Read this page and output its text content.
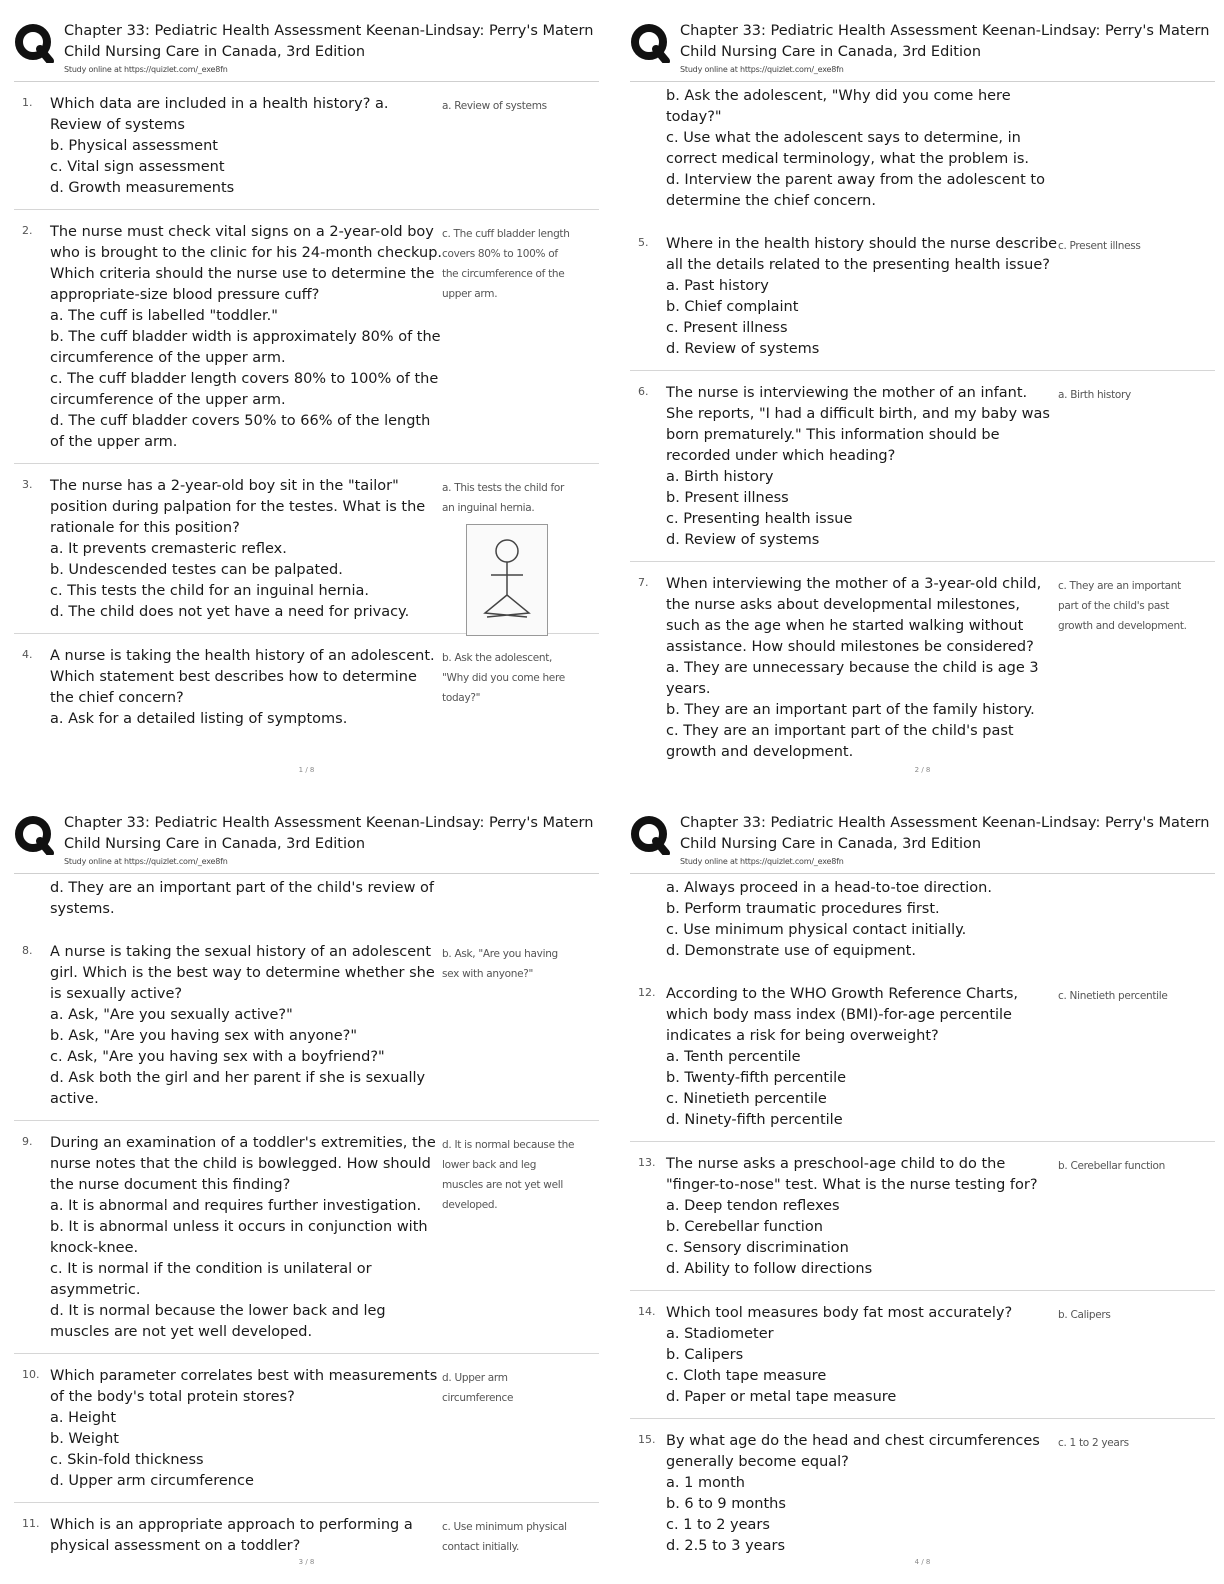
Chapter 33: Pediatric Health Assessment Keenan-Lindsay: Perry's Matern
Child Nursing Care in Canada, 3rd Edition
Study online at https://quizlet.com/_exe8fn
1.	Which data are included in a health history? a. Review of systems
b. Physical assessment
c. Vital sign assessment
d. Growth measurements
a. Review of systems
2.	The nurse must check vital signs on a 2-year-old boy who is brought to the clinic for his 24-month checkup. Which criteria should the nurse use to determine the appropriate-size blood pressure cuff?
a. The cuff is labelled "toddler."
b. The cuff bladder width is approximately 80% of the circumference of the upper arm.
c. The cuff bladder length covers 80% to 100% of the circumference of the upper arm.
d. The cuff bladder covers 50% to 66% of the length of the upper arm.
c. The cuff bladder length covers 80% to 100% of the circumference of the upper arm.
3.	The nurse has a 2-year-old boy sit in the "tailor" position during palpation for the testes. What is the rationale for this position?
a. It prevents cremasteric reflex.
b. Undescended testes can be palpated.
c. This tests the child for an inguinal hernia.
d. The child does not yet have a need for privacy.
a. This tests the child for an inguinal hernia.
4.	A nurse is taking the health history of an adolescent. Which statement best describes how to determine the chief concern?
a. Ask for a detailed listing of symptoms.
b. Ask the adolescent, "Why did you come here today?"
1 / 8
Chapter 33: Pediatric Health Assessment Keenan-Lindsay: Perry's Matern
Child Nursing Care in Canada, 3rd Edition
Study online at https://quizlet.com/_exe8fn
b. Ask the adolescent, "Why did you come here today?"
c. Use what the adolescent says to determine, in correct medical terminology, what the problem is.
d. Interview the parent away from the adolescent to determine the chief concern.
5.	Where in the health history should the nurse describe all the details related to the presenting health issue?
a. Past history
b. Chief complaint
c. Present illness
d. Review of systems
c. Present illness
6.	The nurse is interviewing the mother of an infant. She reports, "I had a difficult birth, and my baby was born prematurely." This information should be recorded under which heading?
a. Birth history
b. Present illness
c. Presenting health issue
d. Review of systems
a. Birth history
7.	When interviewing the mother of a 3-year-old child, the nurse asks about developmental milestones, such as the age when he started walking without assistance. How should milestones be considered?
a. They are unnecessary because the child is age 3 years.
b. They are an important part of the family history.
c. They are an important part of the child's past growth and development.
c. They are an important part of the child's past growth and development.
2 / 8
Chapter 33: Pediatric Health Assessment Keenan-Lindsay: Perry's Matern
Child Nursing Care in Canada, 3rd Edition
Study online at https://quizlet.com/_exe8fn
d. They are an important part of the child's review of systems.
8.	A nurse is taking the sexual history of an adolescent girl. Which is the best way to determine whether she is sexually active?
a. Ask, "Are you sexually active?"
b. Ask, "Are you having sex with anyone?"
c. Ask, "Are you having sex with a boyfriend?"
d. Ask both the girl and her parent if she is sexually active.
b. Ask, "Are you having sex with anyone?"
9.	During an examination of a toddler's extremities, the nurse notes that the child is bowlegged. How should the nurse document this finding?
a. It is abnormal and requires further investigation.
b. It is abnormal unless it occurs in conjunction with knock-knee.
c. It is normal if the condition is unilateral or asymmetric.
d. It is normal because the lower back and leg muscles are not yet well developed.
d. It is normal because the lower back and leg muscles are not yet well developed.
10. Which parameter correlates best with measurements of the body's total protein stores?
a. Height
b. Weight
c. Skin-fold thickness
d. Upper arm circumference
d. Upper arm circumference
11. Which is an appropriate approach to performing a physical assessment on a toddler?
c. Use minimum physical contact initially.
3 / 8
Chapter 33: Pediatric Health Assessment Keenan-Lindsay: Perry's Matern
Child Nursing Care in Canada, 3rd Edition
Study online at https://quizlet.com/_exe8fn
a. Always proceed in a head-to-toe direction.
b. Perform traumatic procedures first.
c. Use minimum physical contact initially.
d. Demonstrate use of equipment.
12. According to the WHO Growth Reference Charts, which body mass index (BMI)-for-age percentile indicates a risk for being overweight?
a. Tenth percentile
b. Twenty-fifth percentile
c. Ninetieth percentile
d. Ninety-fifth percentile
c. Ninetieth percentile
13. The nurse asks a preschool-age child to do the "finger-to-nose" test. What is the nurse testing for?
a. Deep tendon reflexes
b. Cerebellar function
c. Sensory discrimination
d. Ability to follow directions
b. Cerebellar function
14. Which tool measures body fat most accurately?
a. Stadiometer
b. Calipers
c. Cloth tape measure
d. Paper or metal tape measure
b. Calipers
15. By what age do the head and chest circumferences generally become equal?
a. 1 month
b. 6 to 9 months
c. 1 to 2 years
d. 2.5 to 3 years
c. 1 to 2 years
4 / 8
